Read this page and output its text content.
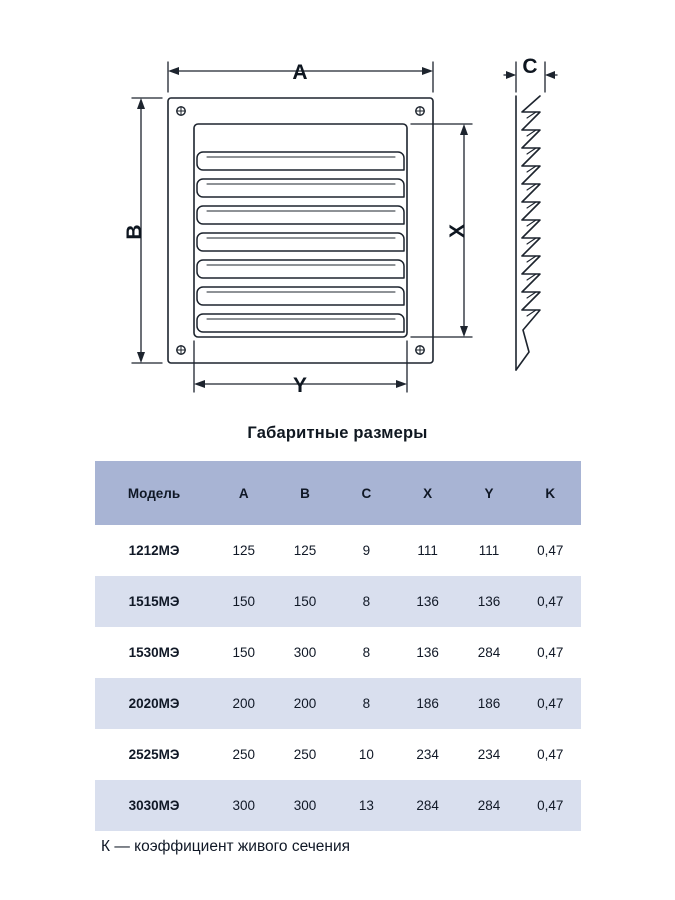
A
B
C
X
Y
Габаритные размеры
Модель	A	B	C	X	Y	K
1212МЭ	125	125	9	111	111	0,47
1515МЭ	150	150	8	136	136	0,47
1530МЭ	150	300	8	136	284	0,47
2020МЭ	200	200	8	186	186	0,47
2525МЭ	250	250	10	234	234	0,47
3030МЭ	300	300	13	284	284	0,47
К — коэффициент живого сечения
